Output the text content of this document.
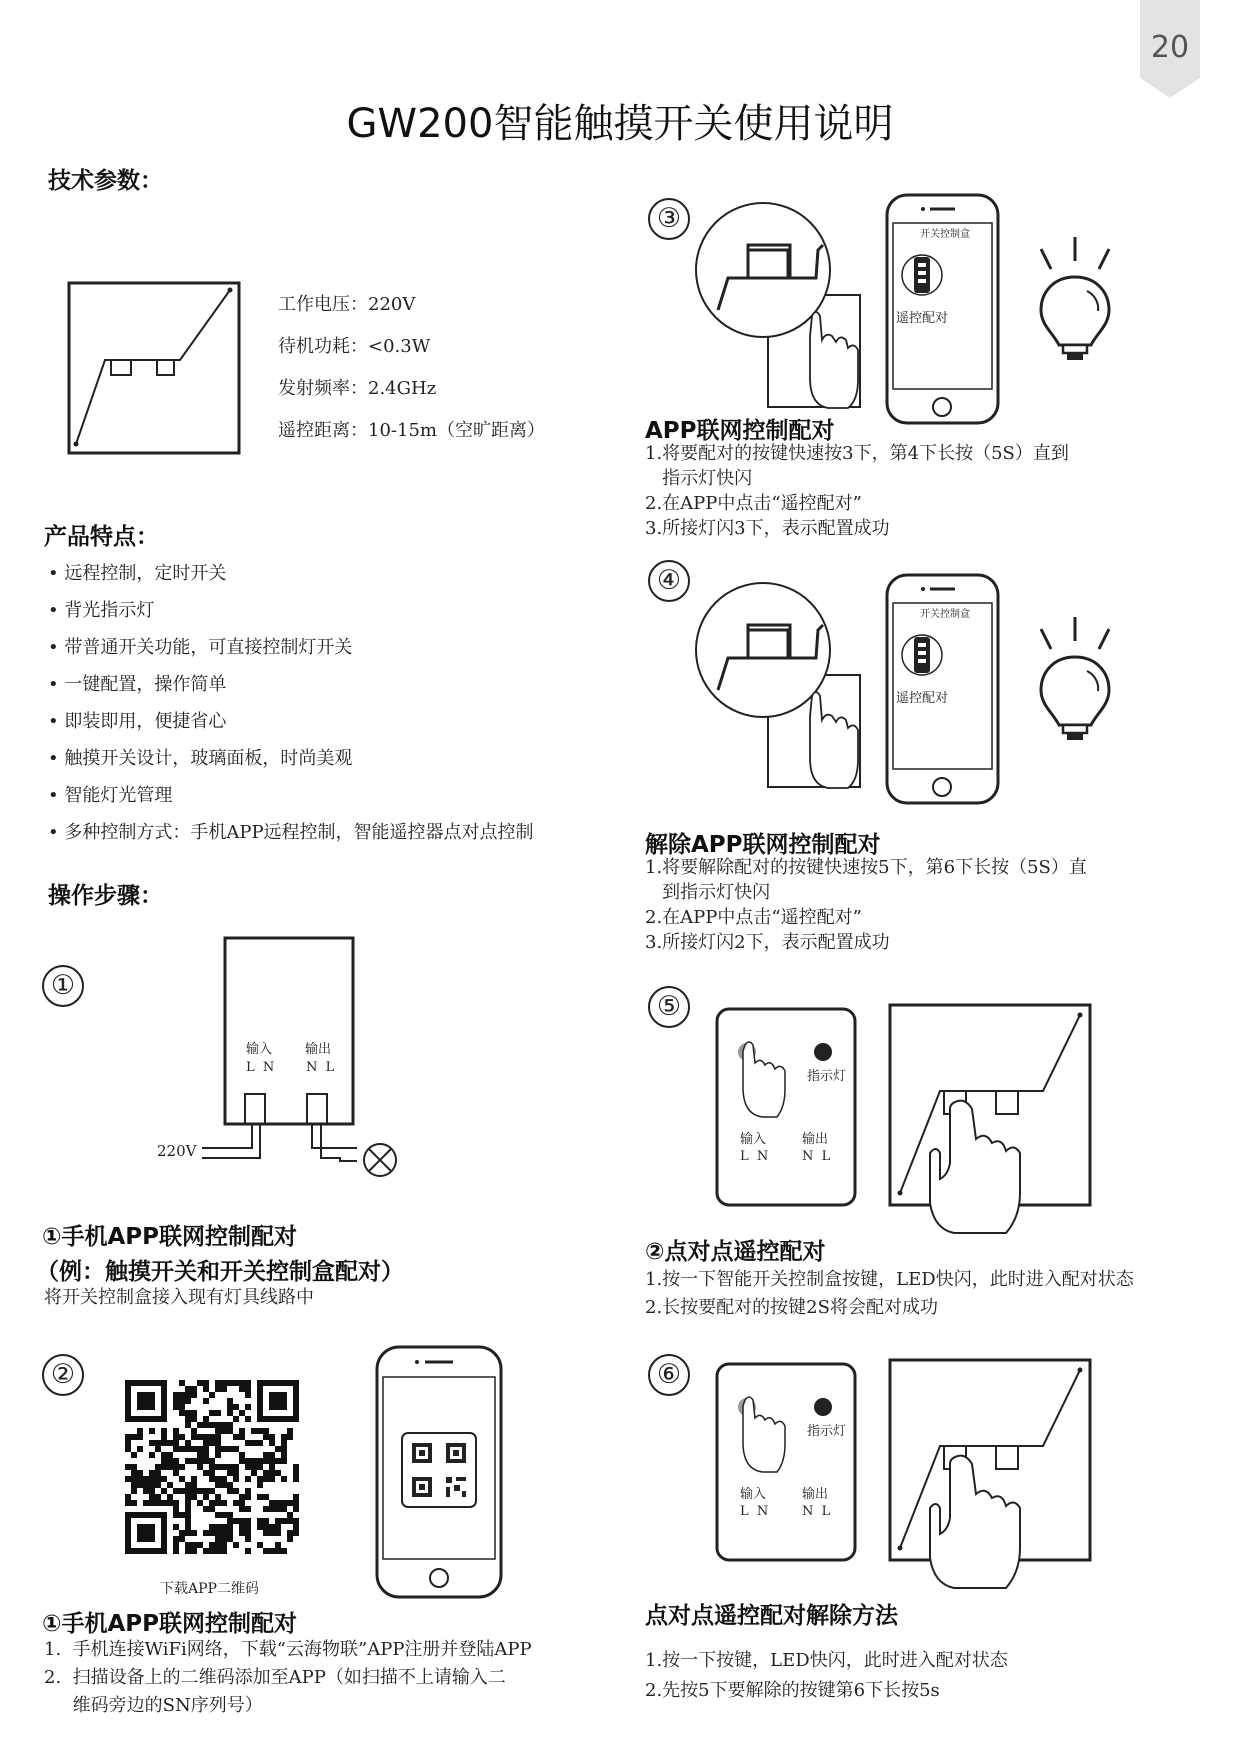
20
GW200智能触摸开关使用说明
技术参数：
工作电压：220V
待机功耗：<0.3W
发射频率：2.4GHz
遥控距离：10-15m（空旷距离）
产品特点：
• 远程控制，定时开关
• 背光指示灯
• 带普通开关功能，可直接控制灯开关
• 一键配置，操作简单
• 即装即用，便捷省心
• 触摸开关设计，玻璃面板，时尚美观
• 智能灯光管理
• 多种控制方式：手机APP远程控制，智能遥控器点对点控制
操作步骤：
①
输入	输出
L  N N  L
220V
①手机APP联网控制配对
（例：触摸开关和开关控制盒配对）
将开关控制盒接入现有灯具线路中
②
下载APP二维码
①手机APP联网控制配对
1.  手机连接WiFi网络，下载“云海物联”APP注册并登陆APP
2.  扫描设备上的二维码添加至APP（如扫描不上请输入二
维码旁边的SN序列号）
③
开关控制盒
遥控配对
APP联网控制配对
1.将要配对的按键快速按3下，第4下长按（5S）直到
指示灯快闪
2.在APP中点击“遥控配对”
3.所接灯闪3下，表示配置成功
④
开关控制盒
遥控配对
解除APP联网控制配对
1.将要解除配对的按键快速按5下，第6下长按（5S）直
到指示灯快闪
2.在APP中点击“遥控配对”
3.所接灯闪2下，表示配置成功
⑤
指示灯
输入	输出
L  N	N  L
②点对点遥控配对
1.按一下智能开关控制盒按键，LED快闪，此时进入配对状态
2.长按要配对的按键2S将会配对成功
⑥
指示灯
输入	输出
L  N	N  L
点对点遥控配对解除方法
1.按一下按键，LED快闪，此时进入配对状态
2.先按5下要解除的按键第6下长按5s
